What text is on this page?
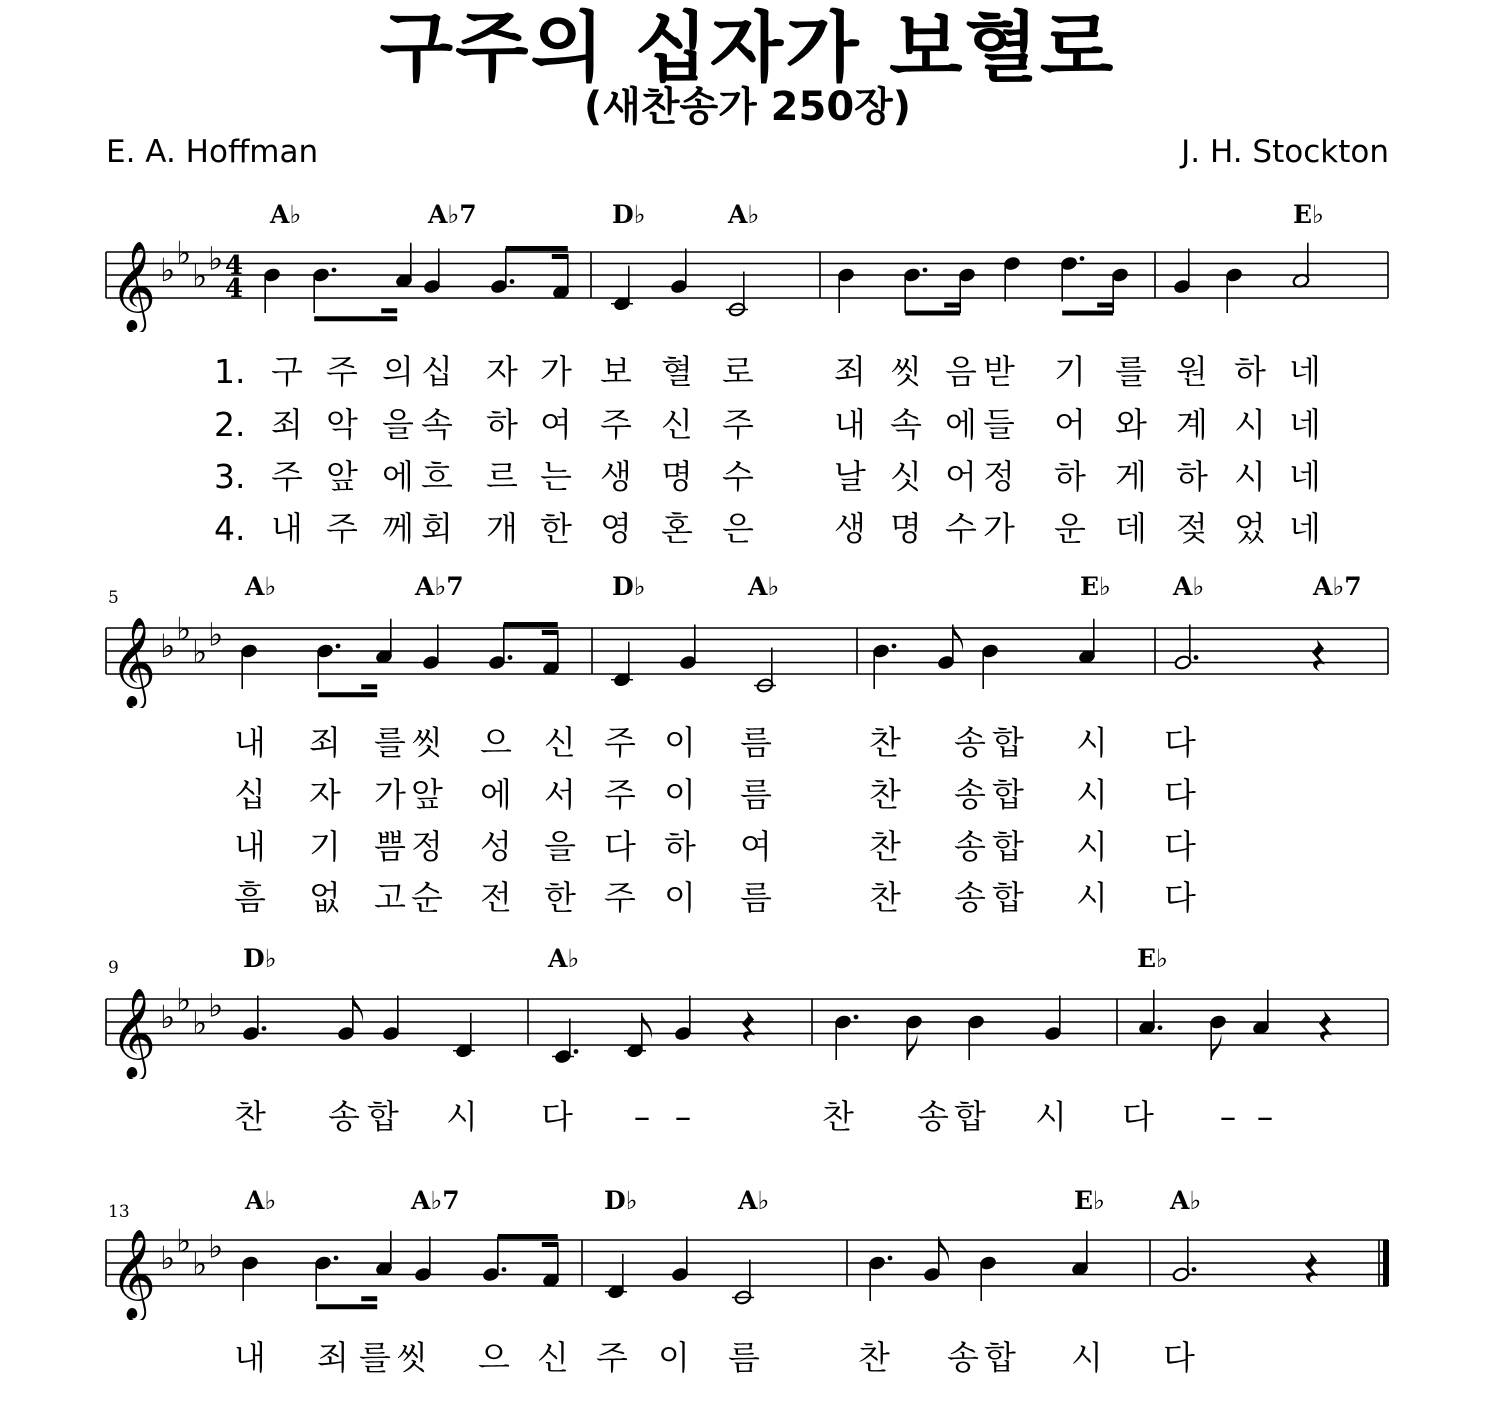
구주의 십자가 보혈로
(새찬송가 250장)
E. A. Hoffman	J. H. Stockton
𝄞 ♭ ♭
♭ ♭ 4
4
A♭	A♭7	D♭	A♭	E♭
1. 구 주 의 십 자 가 보 혈 로 죄 씻 음 받 기 를 원 하 네
2. 죄 악 을 속 하 여 주 신 주 내 속 에 들 어 와 계 시 네
3. 주 앞 에 흐 르 는 생 명 수 날 싯 어 정 하 게 하 시 네
4. 내 주 께 회 개 한 영 혼 은 생 명 수 가 운 데 젖 었 네
𝄞 ♭ ♭
♭ ♭
A♭	A♭7	D♭	A♭	E♭ A♭	A♭7
5
내 죄 를 씻 으 신 주 이 름	찬 송 합 시 다
십 자 가 앞 에 서 주 이 름	찬 송 합 시 다
내 기 쁨 정 성 을 다 하 여	찬 송 합 시 다
흠 없 고 순 전 한 주 이 름	찬 송 합 시 다
𝄞 ♭ ♭
♭ ♭
D♭	A♭	E♭
9
찬 송 합 시 다 – –	찬 송 합 시 다 – –
𝄞 ♭ ♭
♭ ♭
A♭	A♭7	D♭	A♭	E♭	A♭
13
내 죄 를 씻 으 신 주 이 름	찬 송 합 시 다
